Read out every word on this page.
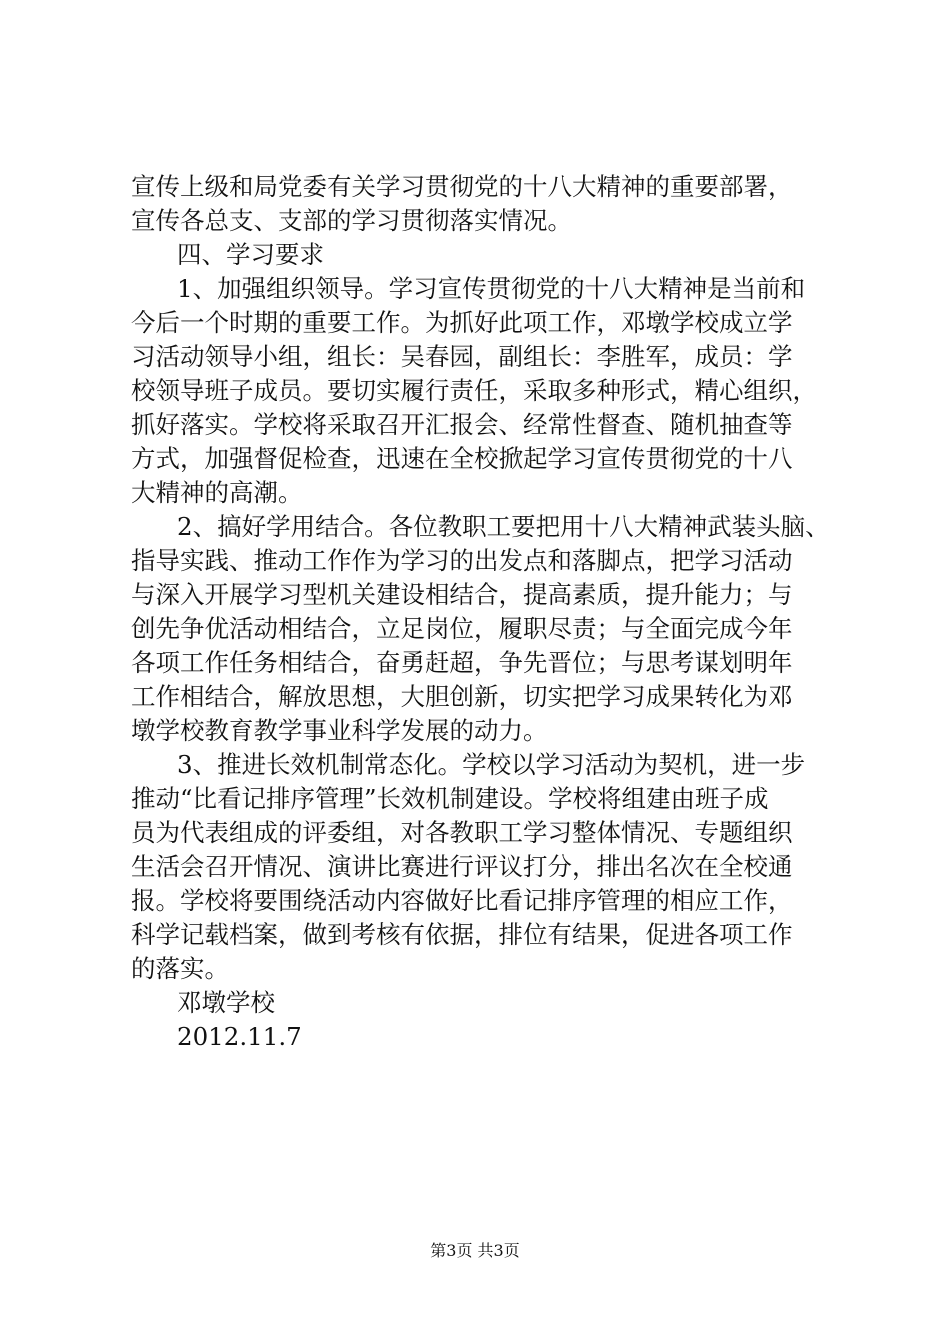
宣传上级和局党委有关学习贯彻党的十八大精神的重要部署，
宣传各总支、支部的学习贯彻落实情况。
四、学习要求
1、加强组织领导。学习宣传贯彻党的十八大精神是当前和
今后一个时期的重要工作。为抓好此项工作，邓墩学校成立学
习活动领导小组，组长：吴春园，副组长：李胜军，成员：学
校领导班子成员。要切实履行责任，采取多种形式，精心组织，
抓好落实。学校将采取召开汇报会、经常性督查、随机抽查等
方式，加强督促检查，迅速在全校掀起学习宣传贯彻党的十八
大精神的高潮。
2、搞好学用结合。各位教职工要把用十八大精神武装头脑、
指导实践、推动工作作为学习的出发点和落脚点，把学习活动
与深入开展学习型机关建设相结合，提高素质，提升能力；与
创先争优活动相结合，立足岗位，履职尽责；与全面完成今年
各项工作任务相结合，奋勇赶超，争先晋位；与思考谋划明年
工作相结合，解放思想，大胆创新，切实把学习成果转化为邓
墩学校教育教学事业科学发展的动力。
3、推进长效机制常态化。学校以学习活动为契机，进一步
推动“比看记排序管理”长效机制建设。学校将组建由班子成
员为代表组成的评委组，对各教职工学习整体情况、专题组织
生活会召开情况、演讲比赛进行评议打分，排出名次在全校通
报。学校将要围绕活动内容做好比看记排序管理的相应工作，
科学记载档案，做到考核有依据，排位有结果，促进各项工作
的落实。
邓墩学校
2012.11.7
第3页 共3页
